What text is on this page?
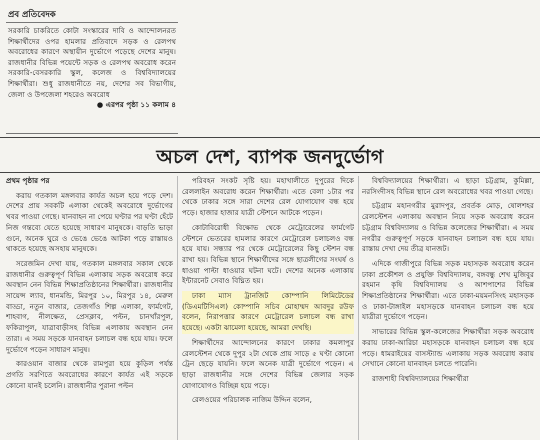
প্রব প্রতিবেদক
সরকারি চাকরিতে কোটা সংস্কারের দাবি ও আন্দোলনরত শিক্ষার্থীদের ওপর হামলার প্রতিবাদে সড়ক ও রেলপথ অবরোধের কারণে অস্থায়ীন দুর্ভোগে পড়েছে দেশের মানুষ। রাজধানীর বিভিন্ন পয়েন্টে সড়ক ও রেলপথ অবরোধ করেন সরকারি-বেসরকারি স্কুল, কলেজ ও বিশ্ববিদ্যালয়ের শিক্ষার্থীরা। শুধু রাজধানীতে নয়, দেশের সব বিভাগীয়, জেলা ও উপজেলা শহরেও অবরোধ
● এরপর পৃষ্ঠা ১১ কলাম ৪
অচল দেশ, ব্যাপক জনদুর্ভোগ

প্রথম পৃষ্ঠার পর

করায় গতকাল মঙ্গলবার কার্যত অচল হয়ে পড়ে দেশ। দেশের প্রায় সবকটি এলাকা থেকেই অবরোধে দুর্ভোগের খবর পাওয়া গেছে। যানবাহন না পেয়ে ঘণ্টার পর ঘণ্টা হেঁটে নিজ গন্তব্যে যেতে হয়েছে সাধারণ মানুষকে। বাড়তি ভাড়া গুনে, অনেক ঘুরে ও ভেঙে ভেঙে আটকা পড়ে রাস্তায়ও থাকতে হয়েছে অসহায় মানুষকে।

সরেজমিন দেখা যায়, গতকাল মঙ্গলবার সকাল থেকে রাজধানীর গুরুত্বপূর্ণ বিভিন্ন এলাকায় সড়ক অবরোধ করে অবস্থান নেন বিভিন্ন শিক্ষাপ্রতিষ্ঠানের শিক্ষার্থীরা। রাজধানীর সায়েন্স ল্যাব, ধানমন্ডি, মিরপুর ১০, মিরপুর ১৪, মেরুল বাড্ডা, নতুন বাজার, তেজগাঁও শিল্প এলাকা, ফার্মগেট, শাহবাগ, নীলক্ষেত, প্রেসক্লাব, পল্টন, চানখাঁরপুল, ফকিরাপুল, যাত্রাবাড়ীসহ বিভিন্ন এলাকায় অবস্থান নেন তারা। এ সময় সড়কে যানবাহন চলাচল বন্ধ হয়ে যায়। ফলে দুর্ভোগে পড়েন সাধারণ মানুষ।

কারওয়ান বাজার থেকে রামপুরা হয়ে কুড়িল পর্যন্ত প্রগতি সরণিতে অবরোধের কারণে কার্যত এই সড়কে কোনো যানই চলেনি। রাজধানীর পুরানা পল্টন

পরিবহন সংকট সৃষ্টি হয়। মহাখালীতে দুপুরের দিকে রেললাইন অবরোধ করেন শিক্ষার্থীরা। এতে বেলা ১টার পর থেকে ঢাকার সঙ্গে সারা দেশের রেল যোগাযোগ বন্ধ হয়ে পড়ে। হাজার হাজার যাত্রী স্টেশনে আটকে পড়েন।

কোটাবিরোধী বিক্ষোভ থেকে মেট্রোরেলের ফার্মগেট স্টেশনে ভেতরের হামলার কারণে মেট্রোরেল চলাচলও বন্ধ হয়ে যায়। সন্ধ্যার পর থেকে মেট্রোরেলের কিছু স্টেশন বন্ধ রাখা হয়। বিভিন্ন স্থানে শিক্ষার্থীদের সঙ্গে ছাত্রলীগের সংঘর্ষ ও ধাওয়া পাল্টা ধাওয়ার ঘটনা ঘটে। দেশের অনেক এলাকায় ইন্টারনেট সেবাও বিঘ্নিত হয়।

ঢাকা ম্যাস ট্রানজিট কোম্পানি লিমিটেডের (ডিএমটিসিএল) কোম্পানি সচিব মোহাম্মদ আবদুর রউফ বলেন, নিরাপত্তার কারণে মেট্রোরেল চলাচল বন্ধ রাখা হয়েছে। একটা ঝামেলা হয়েছে, আমরা দেখছি।

শিক্ষার্থীদের আন্দোলনের কারণে ঢাকার কমলাপুর রেলস্টেশন থেকে দুপুর ২টা থেকে প্রায় সাড়ে ৫ ঘণ্টা কোনো ট্রেন ছেড়ে যায়নি। ফলে অনেক যাত্রী দুর্ভোগে পড়েন। এ ছাড়া রাজধানীর সঙ্গে দেশের বিভিন্ন জেলার সড়ক যোগাযোগও বিচ্ছিন্ন হয়ে পড়ে।

রেলওয়ের পরিচালক নাজিম উদ্দিন বলেন,

বিশ্ববিদ্যালয়ের শিক্ষার্থীরা। এ ছাড়া চট্টগ্রাম, কুমিল্লা, নরসিংদীসহ বিভিন্ন স্থানে রেল অবরোধের খবর পাওয়া গেছে।

চট্টগ্রাম মহানগরীর মুরাদপুর, প্রবর্তক মোড়, ষোলশহর রেলস্টেশন এলাকায় অবস্থান নিয়ে সড়ক অবরোধ করেন চট্টগ্রাম বিশ্ববিদ্যালয় ও বিভিন্ন কলেজের শিক্ষার্থীরা। এ সময় নগরীর গুরুত্বপূর্ণ সড়কে যানবাহন চলাচল বন্ধ হয়ে যায়। রাস্তায় দেখা দেয় তীব্র যানজট।

এদিকে গাজীপুরে বিভিন্ন সড়ক মহাসড়ক অবরোধ করেন ঢাকা প্রকৌশল ও প্রযুক্তি বিশ্ববিদ্যালয়, বঙ্গবন্ধু শেখ মুজিবুর রহমান কৃষি বিশ্ববিদ্যালয় ও আশপাশের বিভিন্ন শিক্ষাপ্রতিষ্ঠানের শিক্ষার্থীরা। এতে ঢাকা-ময়মনসিংহ মহাসড়ক ও ঢাকা-টাঙ্গাইল মহাসড়কে যানবাহন চলাচল বন্ধ হয়ে যাত্রীরা দুর্ভোগে পড়েন।

সাভারের বিভিন্ন স্কুল-কলেজের শিক্ষার্থীরা সড়ক অবরোধ করায় ঢাকা-আরিচা মহাসড়কে যানবাহন চলাচল বন্ধ হয়ে পড়ে। ধামরাইয়ের বাসস্ট্যান্ড এলাকায় সড়ক অবরোধ করায় সেখানে কোনো যানবাহন চলতে পারেনি।

রাজশাহী বিশ্ববিদ্যালয়ের শিক্ষার্থীরা
